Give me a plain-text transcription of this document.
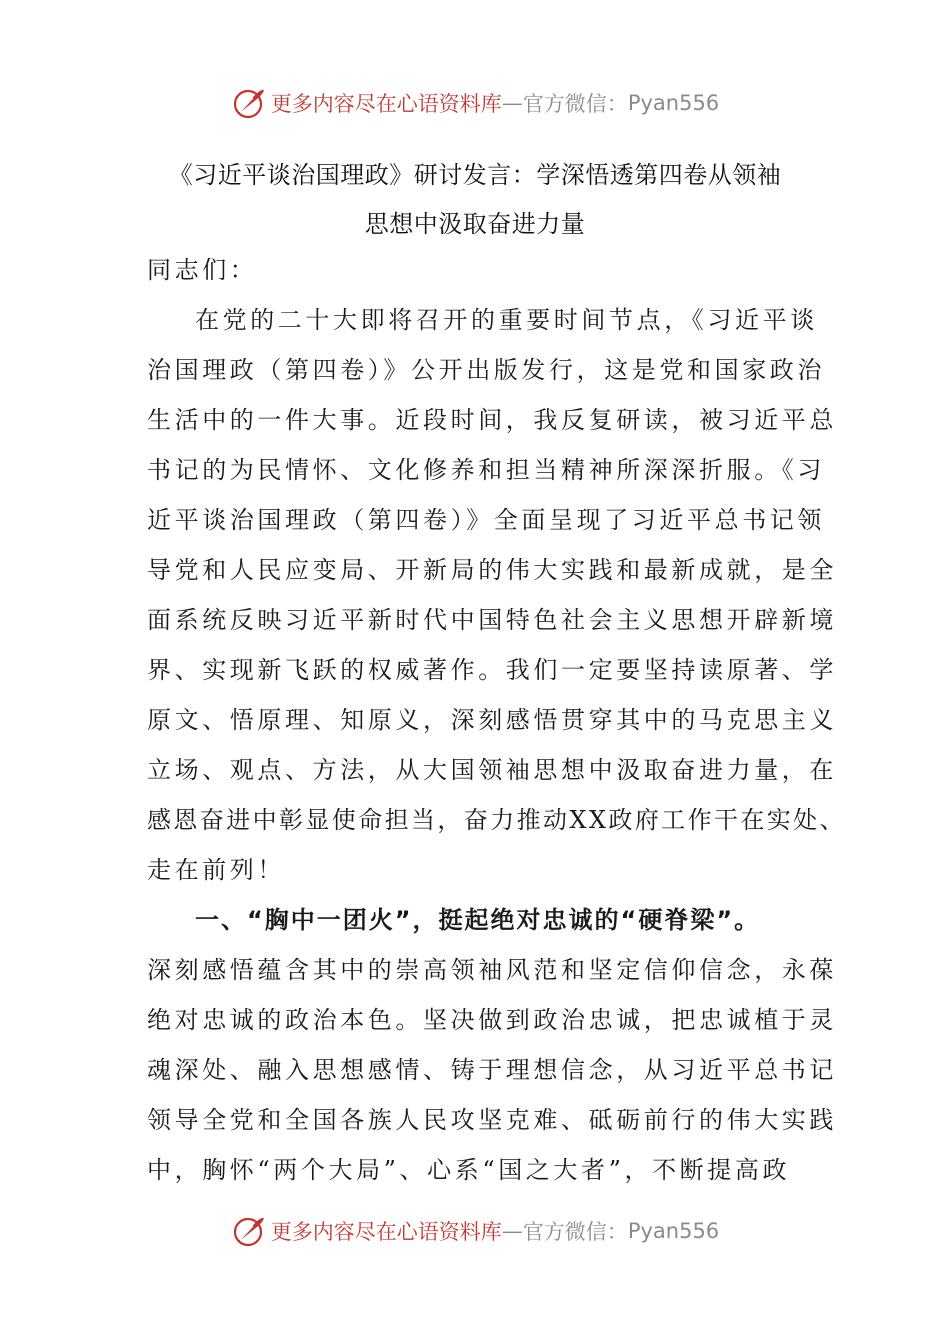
更多内容尽在心语资料库 — 官方微信： Pyan556
《习近平谈治国理政》研讨发言：学深悟透第四卷从领袖
思想中汲取奋进力量
同志们：
在党的二十大即将召开的重要时间节点，《习近平谈
治国理政（第四卷）》公开出版发行，这是党和国家政治
生活中的一件大事。近段时间，我反复研读，被习近平总
书记的为民情怀、文化修养和担当精神所深深折服。《习
近平谈治国理政（第四卷）》全面呈现了习近平总书记领
导党和人民应变局、开新局的伟大实践和最新成就，是全
面系统反映习近平新时代中国特色社会主义思想开辟新境
界、实现新飞跃的权威著作。我们一定要坚持读原著、学
原文、悟原理、知原义，深刻感悟贯穿其中的马克思主义
立场、观点、方法，从大国领袖思想中汲取奋进力量，在
感恩奋进中彰显使命担当，奋力推动XX政府工作干在实处、
走在前列！
一、“胸中一团火”，挺起绝对忠诚的“硬脊梁”。
深刻感悟蕴含其中的崇高领袖风范和坚定信仰信念，永葆
绝对忠诚的政治本色。坚决做到政治忠诚，把忠诚植于灵
魂深处、融入思想感情、铸于理想信念，从习近平总书记
领导全党和全国各族人民攻坚克难、砥砺前行的伟大实践
中，胸怀“两个大局”、心系“国之大者”，不断提高政
更多内容尽在心语资料库 — 官方微信： Pyan556
